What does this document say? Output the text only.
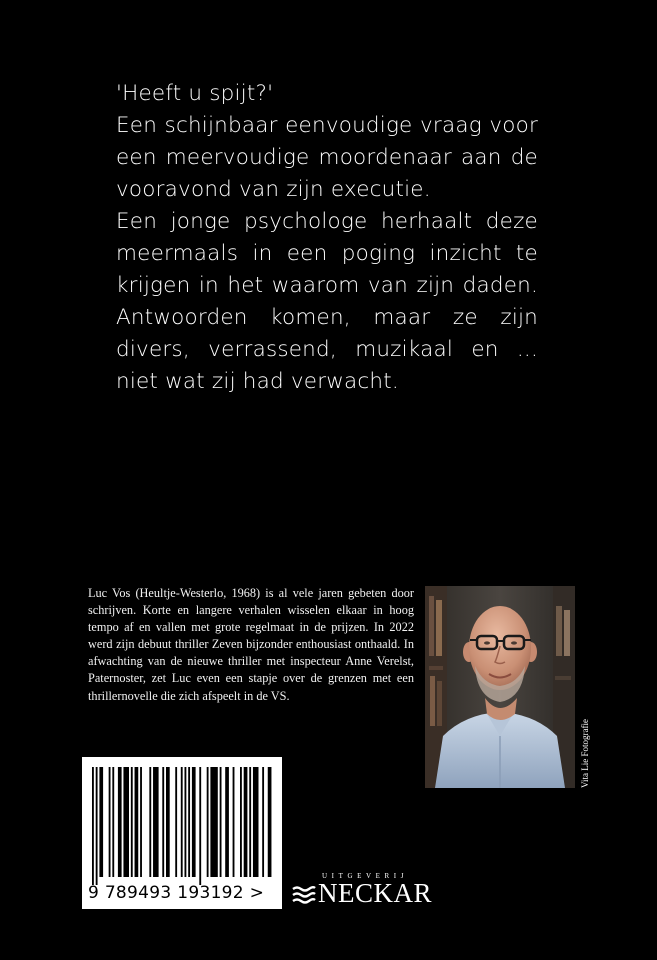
'Heeft u spijt?'

Een schijnbaar eenvoudige vraag voor een meervoudige moordenaar aan de vooravond van zijn executie.

Een jonge psychologe herhaalt deze meermaals in een poging inzicht te krijgen in het waarom van zijn daden. Antwoorden komen, maar ze zijn divers, verrassend, muzikaal en ... niet wat zij had verwacht.

Luc Vos (Heultje-Westerlo, 1968) is al vele jaren gebeten door schrijven. Korte en langere verhalen wisselen elkaar in hoog tempo af en vallen met grote regelmaat in de prijzen. In 2022 werd zijn debuut thriller Zeven bijzonder enthousiast onthaald. In afwachting van de nieuwe thriller met inspecteur Anne Verelst, Paternoster, zet Luc even een stapje over de grenzen met een thrillernovelle die zich afspeelt in de VS.
Vita Lie Fotografie
9 789493 193192 >
UITGEVERIJ
NECKAR
